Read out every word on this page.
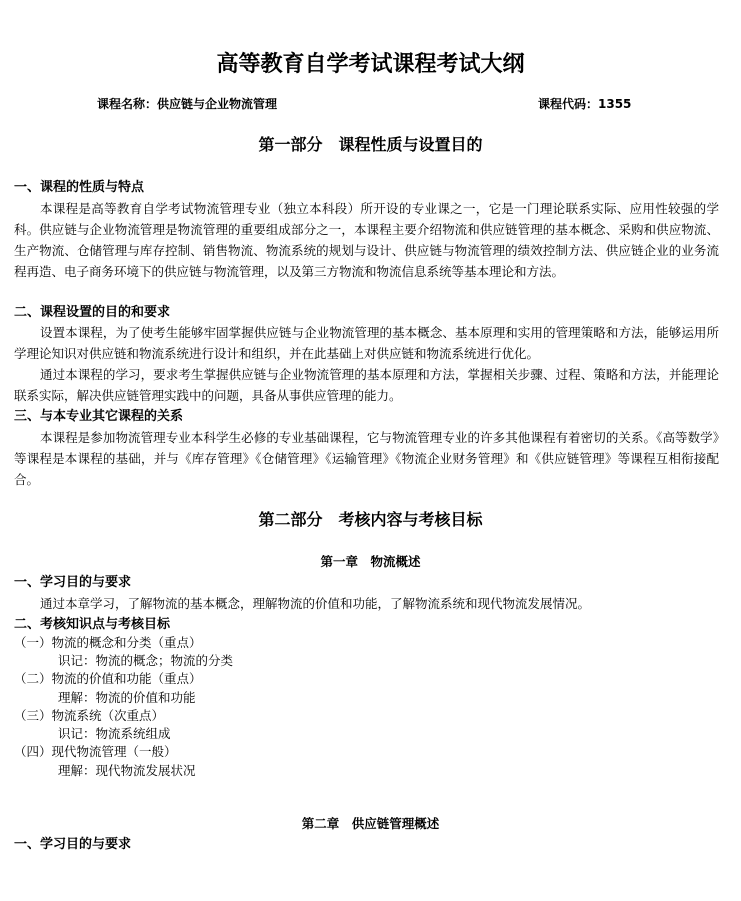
高等教育自学考试课程考试大纲
课程名称：供应链与企业物流管理	课程代码：1355
第一部分　课程性质与设置目的
一、课程的性质与特点

本课程是高等教育自学考试物流管理专业（独立本科段）所开设的专业课之一，它是一门理论联系实际、应用性较强的学科。供应链与企业物流管理是物流管理的重要组成部分之一，本课程主要介绍物流和供应链管理的基本概念、采购和供应物流、生产物流、仓储管理与库存控制、销售物流、物流系统的规划与设计、供应链与物流管理的绩效控制方法、供应链企业的业务流程再造、电子商务环境下的供应链与物流管理，以及第三方物流和物流信息系统等基本理论和方法。

二、课程设置的目的和要求

设置本课程，为了使考生能够牢固掌握供应链与企业物流管理的基本概念、基本原理和实用的管理策略和方法，能够运用所学理论知识对供应链和物流系统进行设计和组织，并在此基础上对供应链和物流系统进行优化。

通过本课程的学习，要求考生掌握供应链与企业物流管理的基本原理和方法，掌握相关步骤、过程、策略和方法，并能理论联系实际，解决供应链管理实践中的问题，具备从事供应管理的能力。

三、与本专业其它课程的关系

本课程是参加物流管理专业本科学生必修的专业基础课程，它与物流管理专业的许多其他课程有着密切的关系。《高等数学》等课程是本课程的基础，并与《库存管理》《仓储管理》《运输管理》《物流企业财务管理》和《供应链管理》等课程互相衔接配合。

第二部分　考核内容与考核目标
第一章　物流概述
一、学习目的与要求

通过本章学习，了解物流的基本概念，理解物流的价值和功能，了解物流系统和现代物流发展情况。

二、考核知识点与考核目标
（一）物流的概念和分类（重点）
识记：物流的概念；物流的分类
（二）物流的价值和功能（重点）
理解：物流的价值和功能
（三）物流系统（次重点）
识记：物流系统组成
（四）现代物流管理（一般）
理解：现代物流发展状况
第二章　供应链管理概述
一、学习目的与要求
